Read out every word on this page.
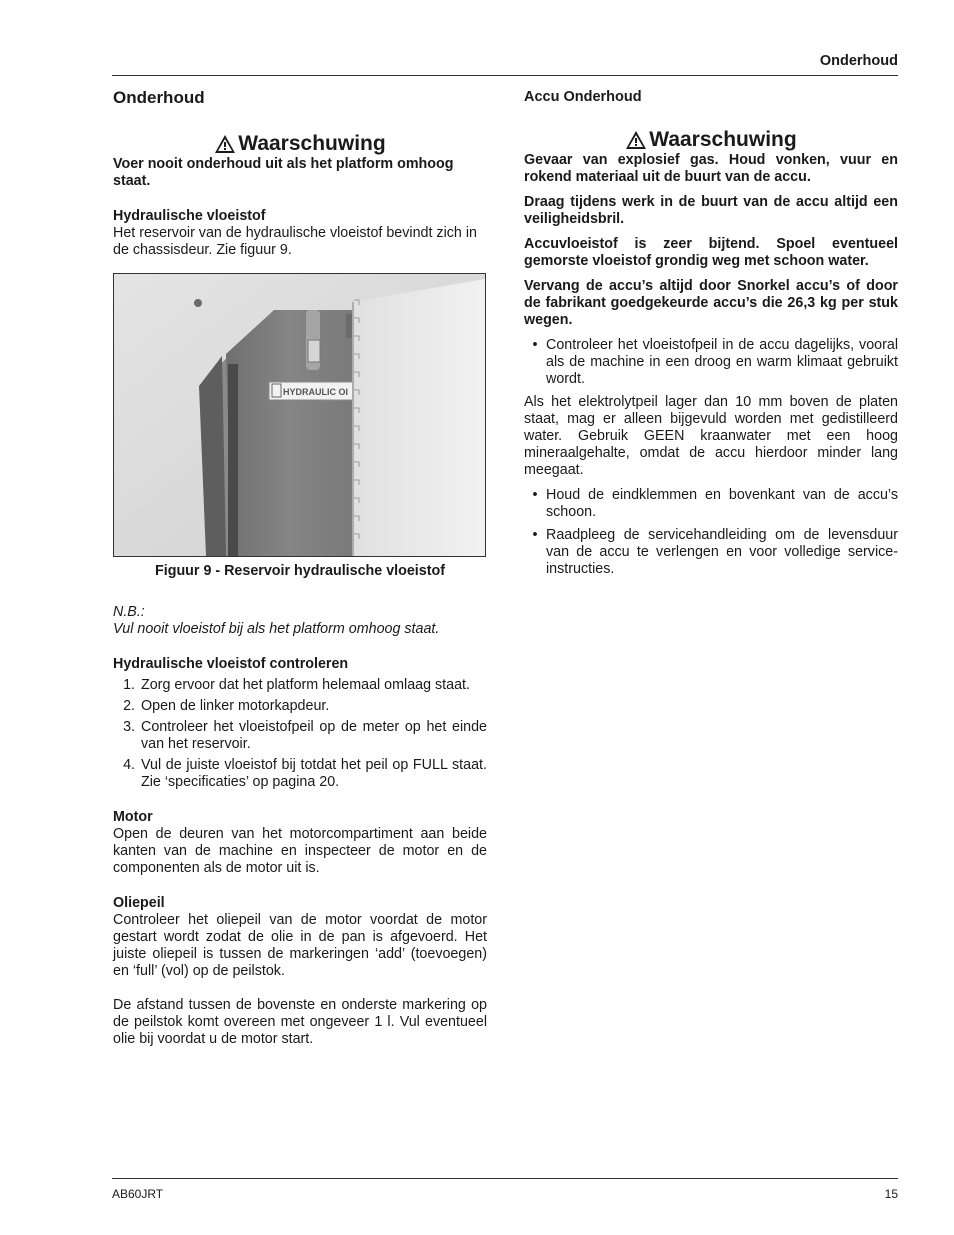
Onderhoud
Onderhoud
Waarschuwing

Voer nooit onderhoud uit als het platform omhoog staat.

Hydraulische vloeistof

Het reservoir van de hydraulische vloeistof bevindt zich in de chassisdeur. Zie figuur 9.

HYDRAULIC OI

Figuur 9 - Reservoir hydraulische vloeistof

N.B.:

Vul nooit vloeistof bij als het platform omhoog staat.

Hydraulische vloeistof controleren

1. Zorg ervoor dat het platform helemaal omlaag staat.
2. Open de linker motorkapdeur.
3. Controleer het vloeistofpeil op de meter op het einde van het reservoir.
4. Vul de juiste vloeistof bij totdat het peil op FULL staat. Zie ‘specificaties’ op pagina 20.

Motor

Open de deuren van het motorcompartiment aan beide kanten van de machine en inspecteer de motor en de componenten als de motor uit is.

Oliepeil

Controleer het oliepeil van de motor voordat de motor gestart wordt zodat de olie in de pan is afgevoerd. Het juiste oliepeil is tussen de markeringen ‘add’ (toevoegen) en ‘full’ (vol) op de peilstok.

De afstand tussen de bovenste en onderste markering op de peilstok komt overeen met ongeveer 1 l. Vul eventueel olie bij voordat u de motor start.

Accu Onderhoud
Waarschuwing

Gevaar van explosief gas. Houd vonken, vuur en rokend materiaal uit de buurt van de accu.

Draag tijdens werk in de buurt van de accu altijd een veiligheidsbril.

Accuvloeistof is zeer bijtend. Spoel eventueel gemorste vloeistof grondig weg met schoon water.

Vervang de accu’s altijd door Snorkel accu’s of door de fabrikant goedgekeurde accu’s die 26,3 kg per stuk wegen.

• Controleer het vloeistofpeil in de accu dagelijks, vooral als de machine in een droog en warm klimaat gebruikt wordt.

Als het elektrolytpeil lager dan 10 mm boven de platen staat, mag er alleen bijgevuld worden met gedistilleerd water. Gebruik GEEN kraanwater met een hoog mineraalgehalte, omdat de accu hierdoor minder lang meegaat.

• Houd de eindklemmen en bovenkant van de accu’s schoon.
• Raadpleeg de servicehandleiding om de levensduur van de accu te verlengen en voor volledige service-instructies.
AB60JRT	15
